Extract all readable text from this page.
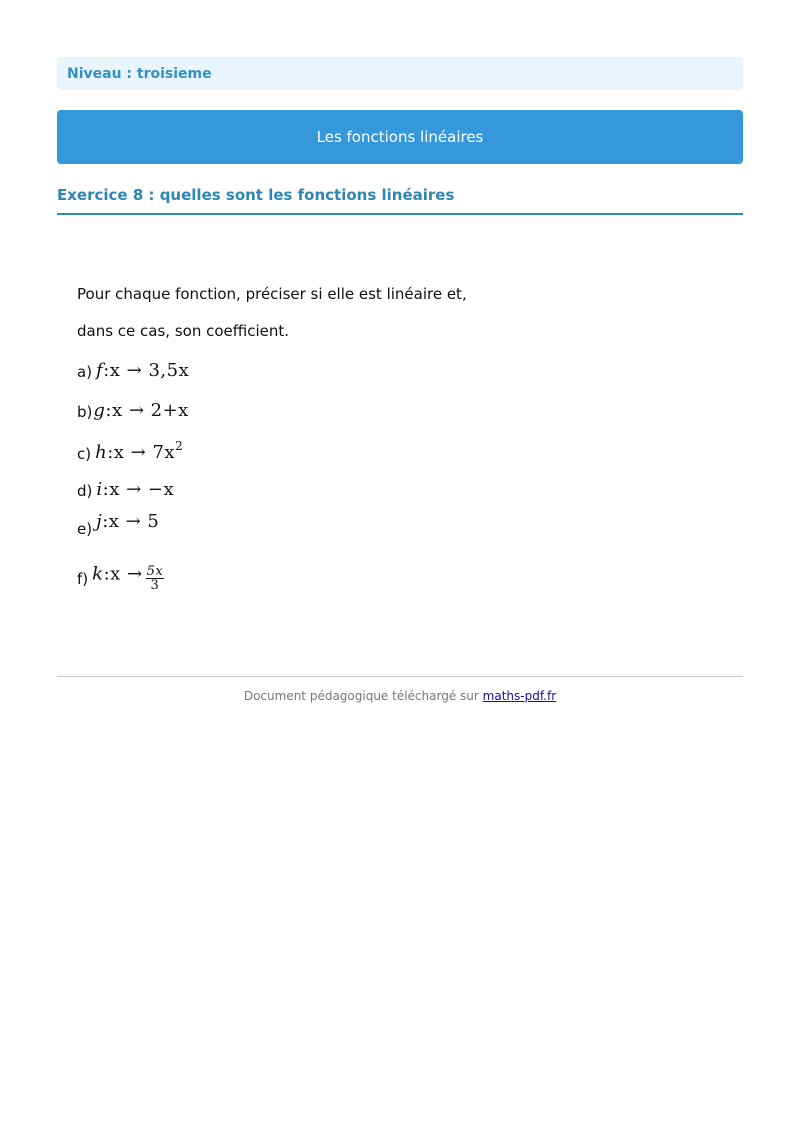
Niveau : troisieme
Les fonctions linéaires
Exercice 8 : quelles sont les fonctions linéaires
Pour chaque fonction, préciser si elle est linéaire et,
dans ce cas, son coefficient.
a) f:x → 3,5x
b) g:x → 2+x
c) h:x → $7x^2$
d) i:x → −x
e) j:x → 5
f) k:x → $\frac{5x}{3}$
Document pédagogique téléchargé sur maths-pdf.fr
